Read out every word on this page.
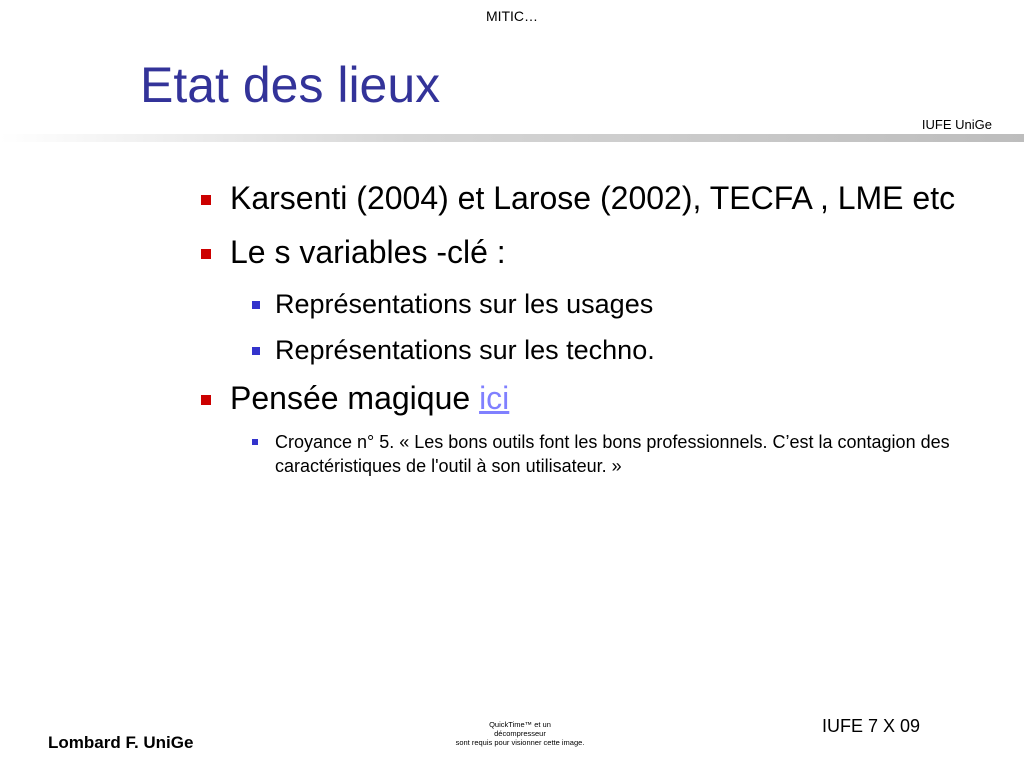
MITIC…
Etat des lieux
IUFE UniGe
Karsenti (2004) et Larose (2002), TECFA , LME etc
Le s variables -clé :
Représentations sur les usages
Représentations sur les techno.
Pensée magique ici
Croyance n° 5. « Les bons outils font les bons professionnels. C’est la contagion des caractéristiques de l'outil à son utilisateur. »
QuickTime™ et un
décompresseur
sont requis pour visionner cette image.
IUFE 7 X 09
Lombard F. UniGe
